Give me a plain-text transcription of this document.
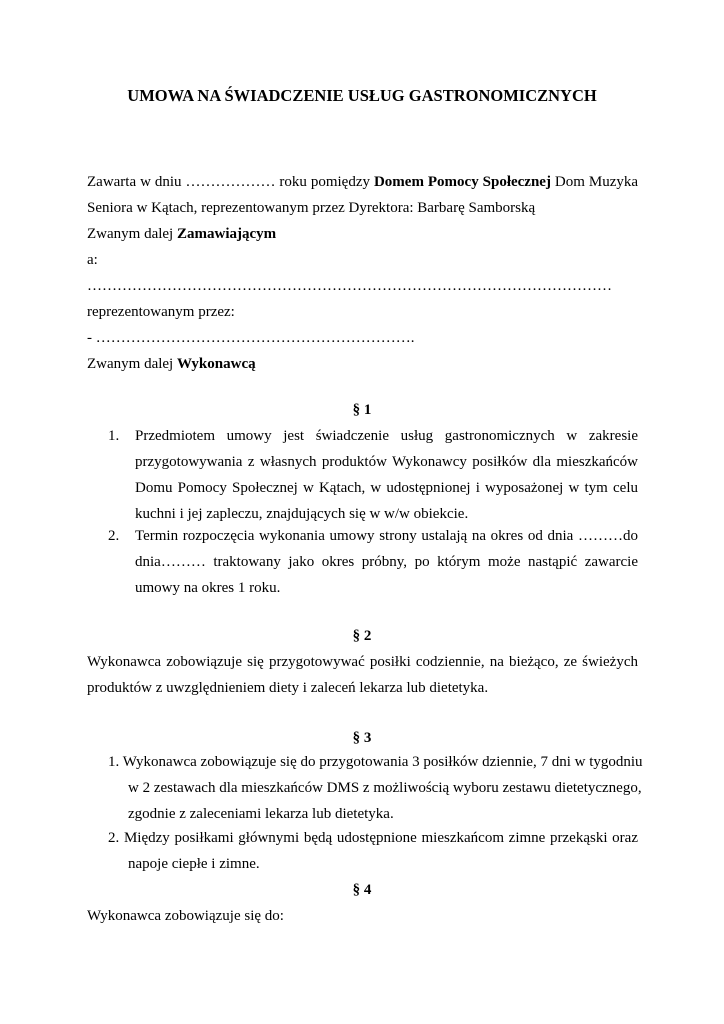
UMOWA NA ŚWIADCZENIE USŁUG GASTRONOMICZNYCH
Zawarta w dniu ……………… roku pomiędzy Domem Pomocy Społecznej Dom Muzyka
Seniora w Kątach, reprezentowanym przez Dyrektora: Barbarę Samborską
Zwanym dalej Zamawiającym
a:
……………………………………………………………………………………………
reprezentowanym przez:
- ……………………………………………………….
Zwanym dalej Wykonawcą
§ 1
1. Przedmiotem umowy jest świadczenie usług gastronomicznych w zakresie
przygotowywania z własnych produktów Wykonawcy posiłków dla mieszkańców
Domu Pomocy Społecznej w Kątach, w udostępnionej i wyposażonej w tym celu
kuchni i jej zapleczu, znajdujących się w w/w obiekcie.
2. Termin rozpoczęcia wykonania umowy strony ustalają na okres od dnia ………do
dnia……… traktowany jako okres próbny, po którym może nastąpić zawarcie
umowy na okres 1 roku.
§ 2
Wykonawca zobowiązuje się przygotowywać posiłki codziennie, na bieżąco, ze świeżych
produktów z uwzględnieniem diety i zaleceń lekarza lub dietetyka.
§ 3
1. Wykonawca zobowiązuje się do przygotowania 3 posiłków dziennie, 7 dni w tygodniu
w 2 zestawach dla mieszkańców DMS z możliwością wyboru zestawu dietetycznego,
zgodnie z zaleceniami lekarza lub dietetyka.
2. Między posiłkami głównymi będą udostępnione mieszkańcom zimne przekąski oraz
napoje ciepłe i zimne.
§ 4
Wykonawca zobowiązuje się do:
